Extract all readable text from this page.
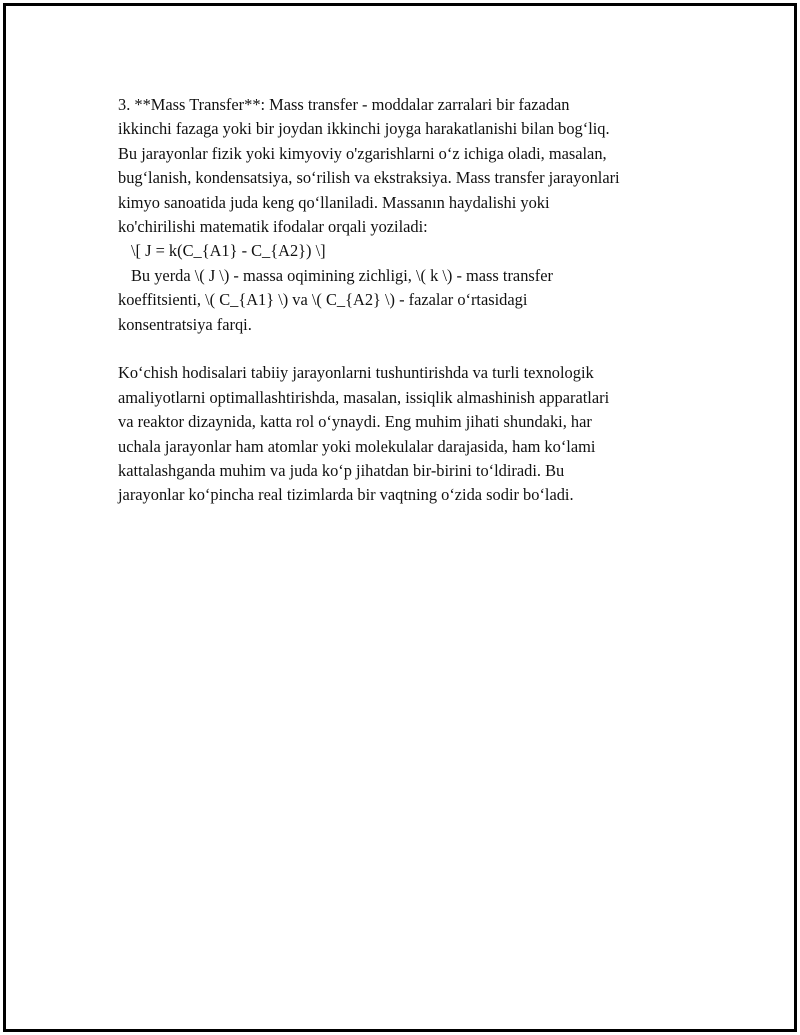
3. **Mass Transfer**: Mass transfer - moddalar zarralari bir fazadan
ikkinchi fazaga yoki bir joydan ikkinchi joyga harakatlanishi bilan bog‘liq.
Bu jarayonlar fizik yoki kimyoviy o'zgarishlarni o‘z ichiga oladi, masalan,
bug‘lanish, kondensatsiya, so‘rilish va ekstraksiya. Mass transfer jarayonlari
kimyo sanoatida juda keng qo‘llaniladi. Massanın haydalishi yoki
ko'chirilishi matematik ifodalar orqali yoziladi:
\[ J = k(C_{A1} - C_{A2}) \]
Bu yerda \( J \) - massa oqimining zichligi, \( k \) - mass transfer
koeffitsienti, \( C_{A1} \) va \( C_{A2} \) - fazalar o‘rtasidagi
konsentratsiya farqi.
Ko‘chish hodisalari tabiiy jarayonlarni tushuntirishda va turli texnologik
amaliyotlarni optimallashtirishda, masalan, issiqlik almashinish apparatlari
va reaktor dizaynida, katta rol o‘ynaydi. Eng muhim jihati shundaki, har
uchala jarayonlar ham atomlar yoki molekulalar darajasida, ham ko‘lami
kattalashganda muhim va juda ko‘p jihatdan bir-birini to‘ldiradi. Bu
jarayonlar ko‘pincha real tizimlarda bir vaqtning o‘zida sodir bo‘ladi.
